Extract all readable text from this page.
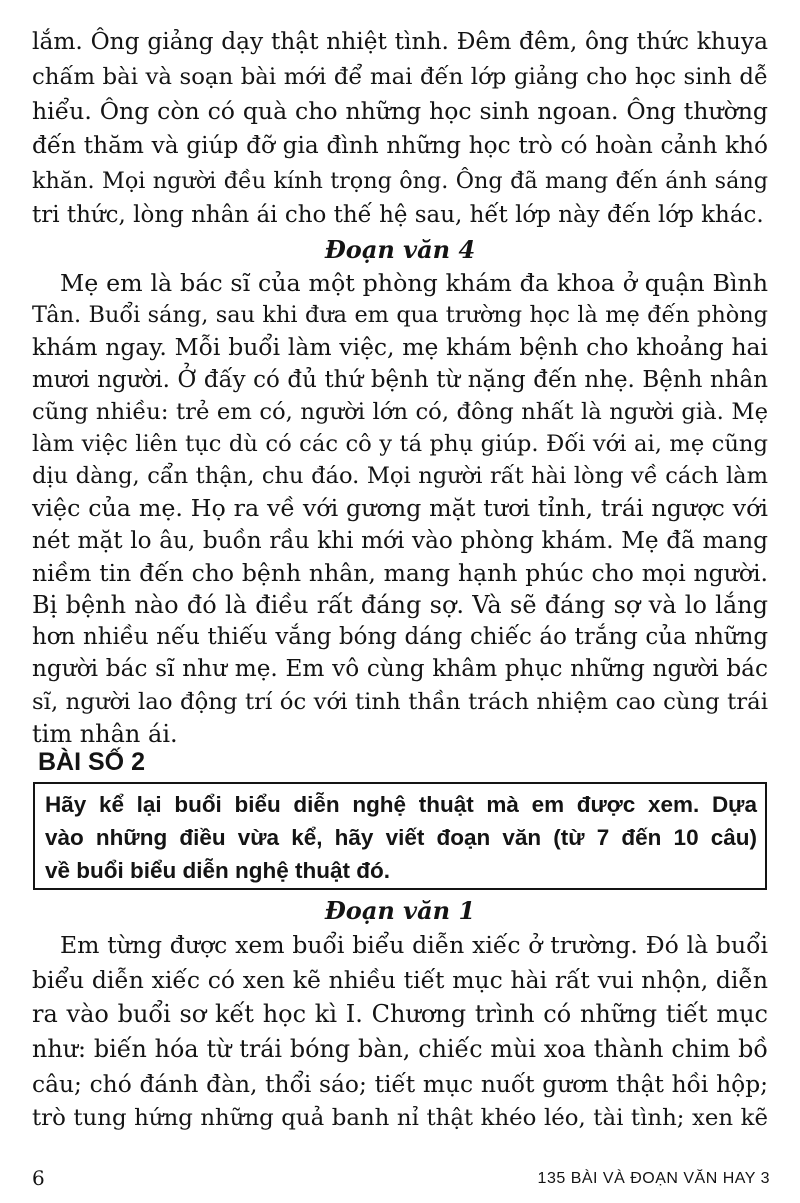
lắm. Ông giảng dạy thật nhiệt tình. Đêm đêm, ông thức khuya
chấm bài và soạn bài mới để mai đến lớp giảng cho học sinh dễ
hiểu. Ông còn có quà cho những học sinh ngoan. Ông thường
đến thăm và giúp đỡ gia đình những học trò có hoàn cảnh khó
khăn. Mọi người đều kính trọng ông. Ông đã mang đến ánh sáng
tri thức, lòng nhân ái cho thế hệ sau, hết lớp này đến lớp khác.
Đoạn văn 4
Mẹ em là bác sĩ của một phòng khám đa khoa ở quận Bình
Tân. Buổi sáng, sau khi đưa em qua trường học là mẹ đến phòng
khám ngay. Mỗi buổi làm việc, mẹ khám bệnh cho khoảng hai
mươi người. Ở đấy có đủ thứ bệnh từ nặng đến nhẹ. Bệnh nhân
cũng nhiều: trẻ em có, người lớn có, đông nhất là người già. Mẹ
làm việc liên tục dù có các cô y tá phụ giúp. Đối với ai, mẹ cũng
dịu dàng, cẩn thận, chu đáo. Mọi người rất hài lòng về cách làm
việc của mẹ. Họ ra về với gương mặt tươi tỉnh, trái ngược với
nét mặt lo âu, buồn rầu khi mới vào phòng khám. Mẹ đã mang
niềm tin đến cho bệnh nhân, mang hạnh phúc cho mọi người.
Bị bệnh nào đó là điều rất đáng sợ. Và sẽ đáng sợ và lo lắng
hơn nhiều nếu thiếu vắng bóng dáng chiếc áo trắng của những
người bác sĩ như mẹ. Em vô cùng khâm phục những người bác
sĩ, người lao động trí óc với tinh thần trách nhiệm cao cùng trái
tim nhân ái.
BÀI SỐ 2
Hãy kể lại buổi biểu diễn nghệ thuật mà em được xem. Dựa
vào những điều vừa kể, hãy viết đoạn văn (từ 7 đến 10 câu)
về buổi biểu diễn nghệ thuật đó.
Đoạn văn 1
Em từng được xem buổi biểu diễn xiếc ở trường. Đó là buổi
biểu diễn xiếc có xen kẽ nhiều tiết mục hài rất vui nhộn, diễn
ra vào buổi sơ kết học kì I. Chương trình có những tiết mục
như: biến hóa từ trái bóng bàn, chiếc mùi xoa thành chim bồ
câu; chó đánh đàn, thổi sáo; tiết mục nuốt gươm thật hồi hộp;
trò tung hứng những quả banh nỉ thật khéo léo, tài tình; xen kẽ
6	135 BÀI VÀ ĐOẠN VĂN HAY 3
